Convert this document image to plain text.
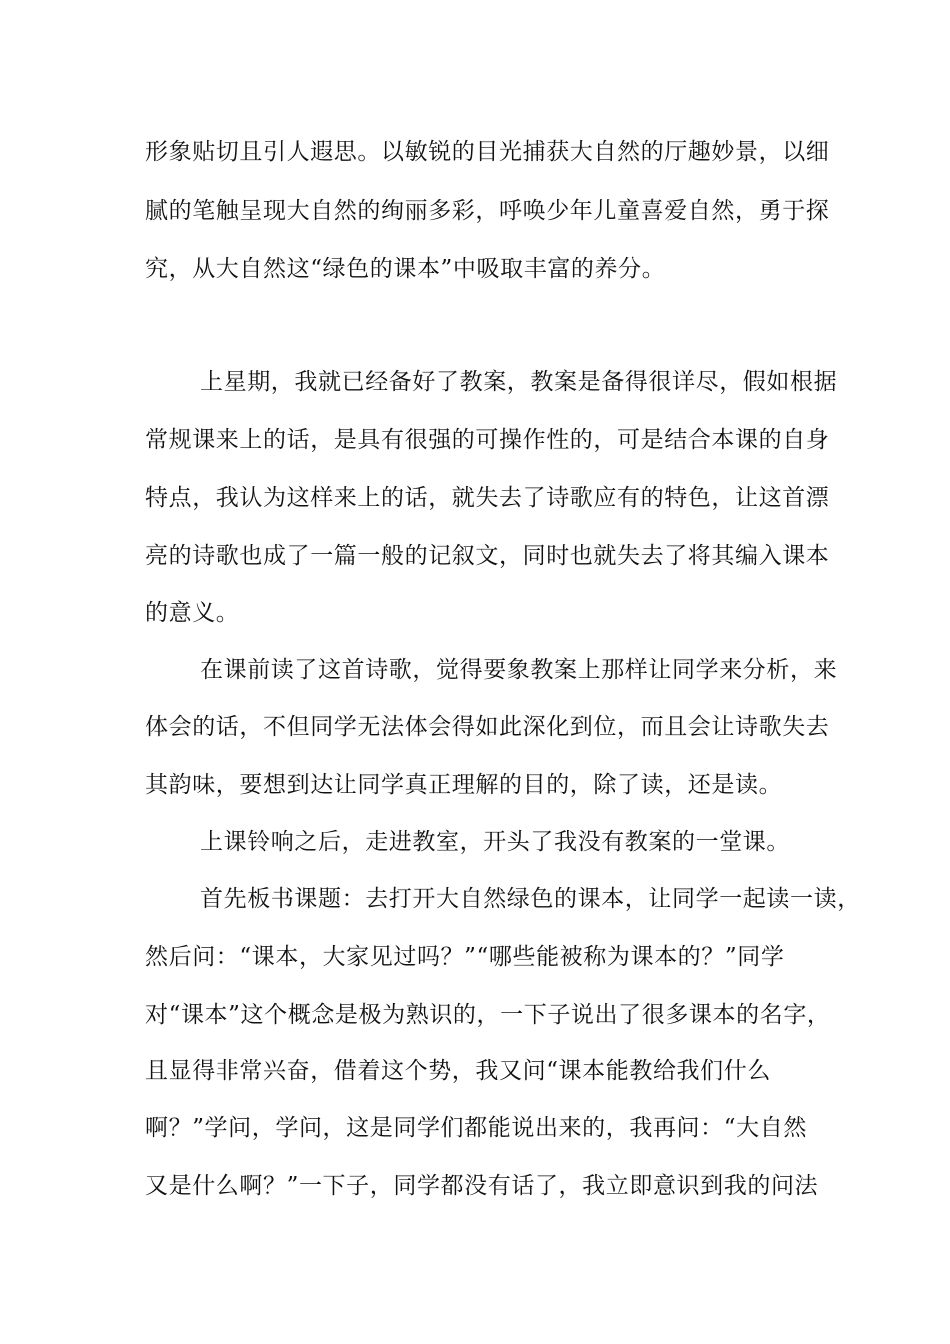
形象贴切且引人遐思。以敏锐的目光捕获大自然的厅趣妙景，以细

腻的笔触呈现大自然的绚丽多彩，呼唤少年儿童喜爱自然，勇于探

究，从大自然这“绿色的课本”中吸取丰富的养分。

上星期，我就已经备好了教案，教案是备得很详尽，假如根据

常规课来上的话，是具有很强的可操作性的，可是结合本课的自身

特点，我认为这样来上的话，就失去了诗歌应有的特色，让这首漂

亮的诗歌也成了一篇一般的记叙文，同时也就失去了将其编入课本

的意义。

在课前读了这首诗歌，觉得要象教案上那样让同学来分析，来

体会的话，不但同学无法体会得如此深化到位，而且会让诗歌失去

其韵味，要想到达让同学真正理解的目的，除了读，还是读。

上课铃响之后，走进教室，开头了我没有教案的一堂课。

首先板书课题：去打开大自然绿色的课本，让同学一起读一读，

然后问：“课本，大家见过吗？”“哪些能被称为课本的？”同学

对“课本”这个概念是极为熟识的，一下子说出了很多课本的名字，

且显得非常兴奋，借着这个势，我又问“课本能教给我们什么

啊？”学问，学问，这是同学们都能说出来的，我再问：“大自然

又是什么啊？”一下子，同学都没有话了，我立即意识到我的问法
